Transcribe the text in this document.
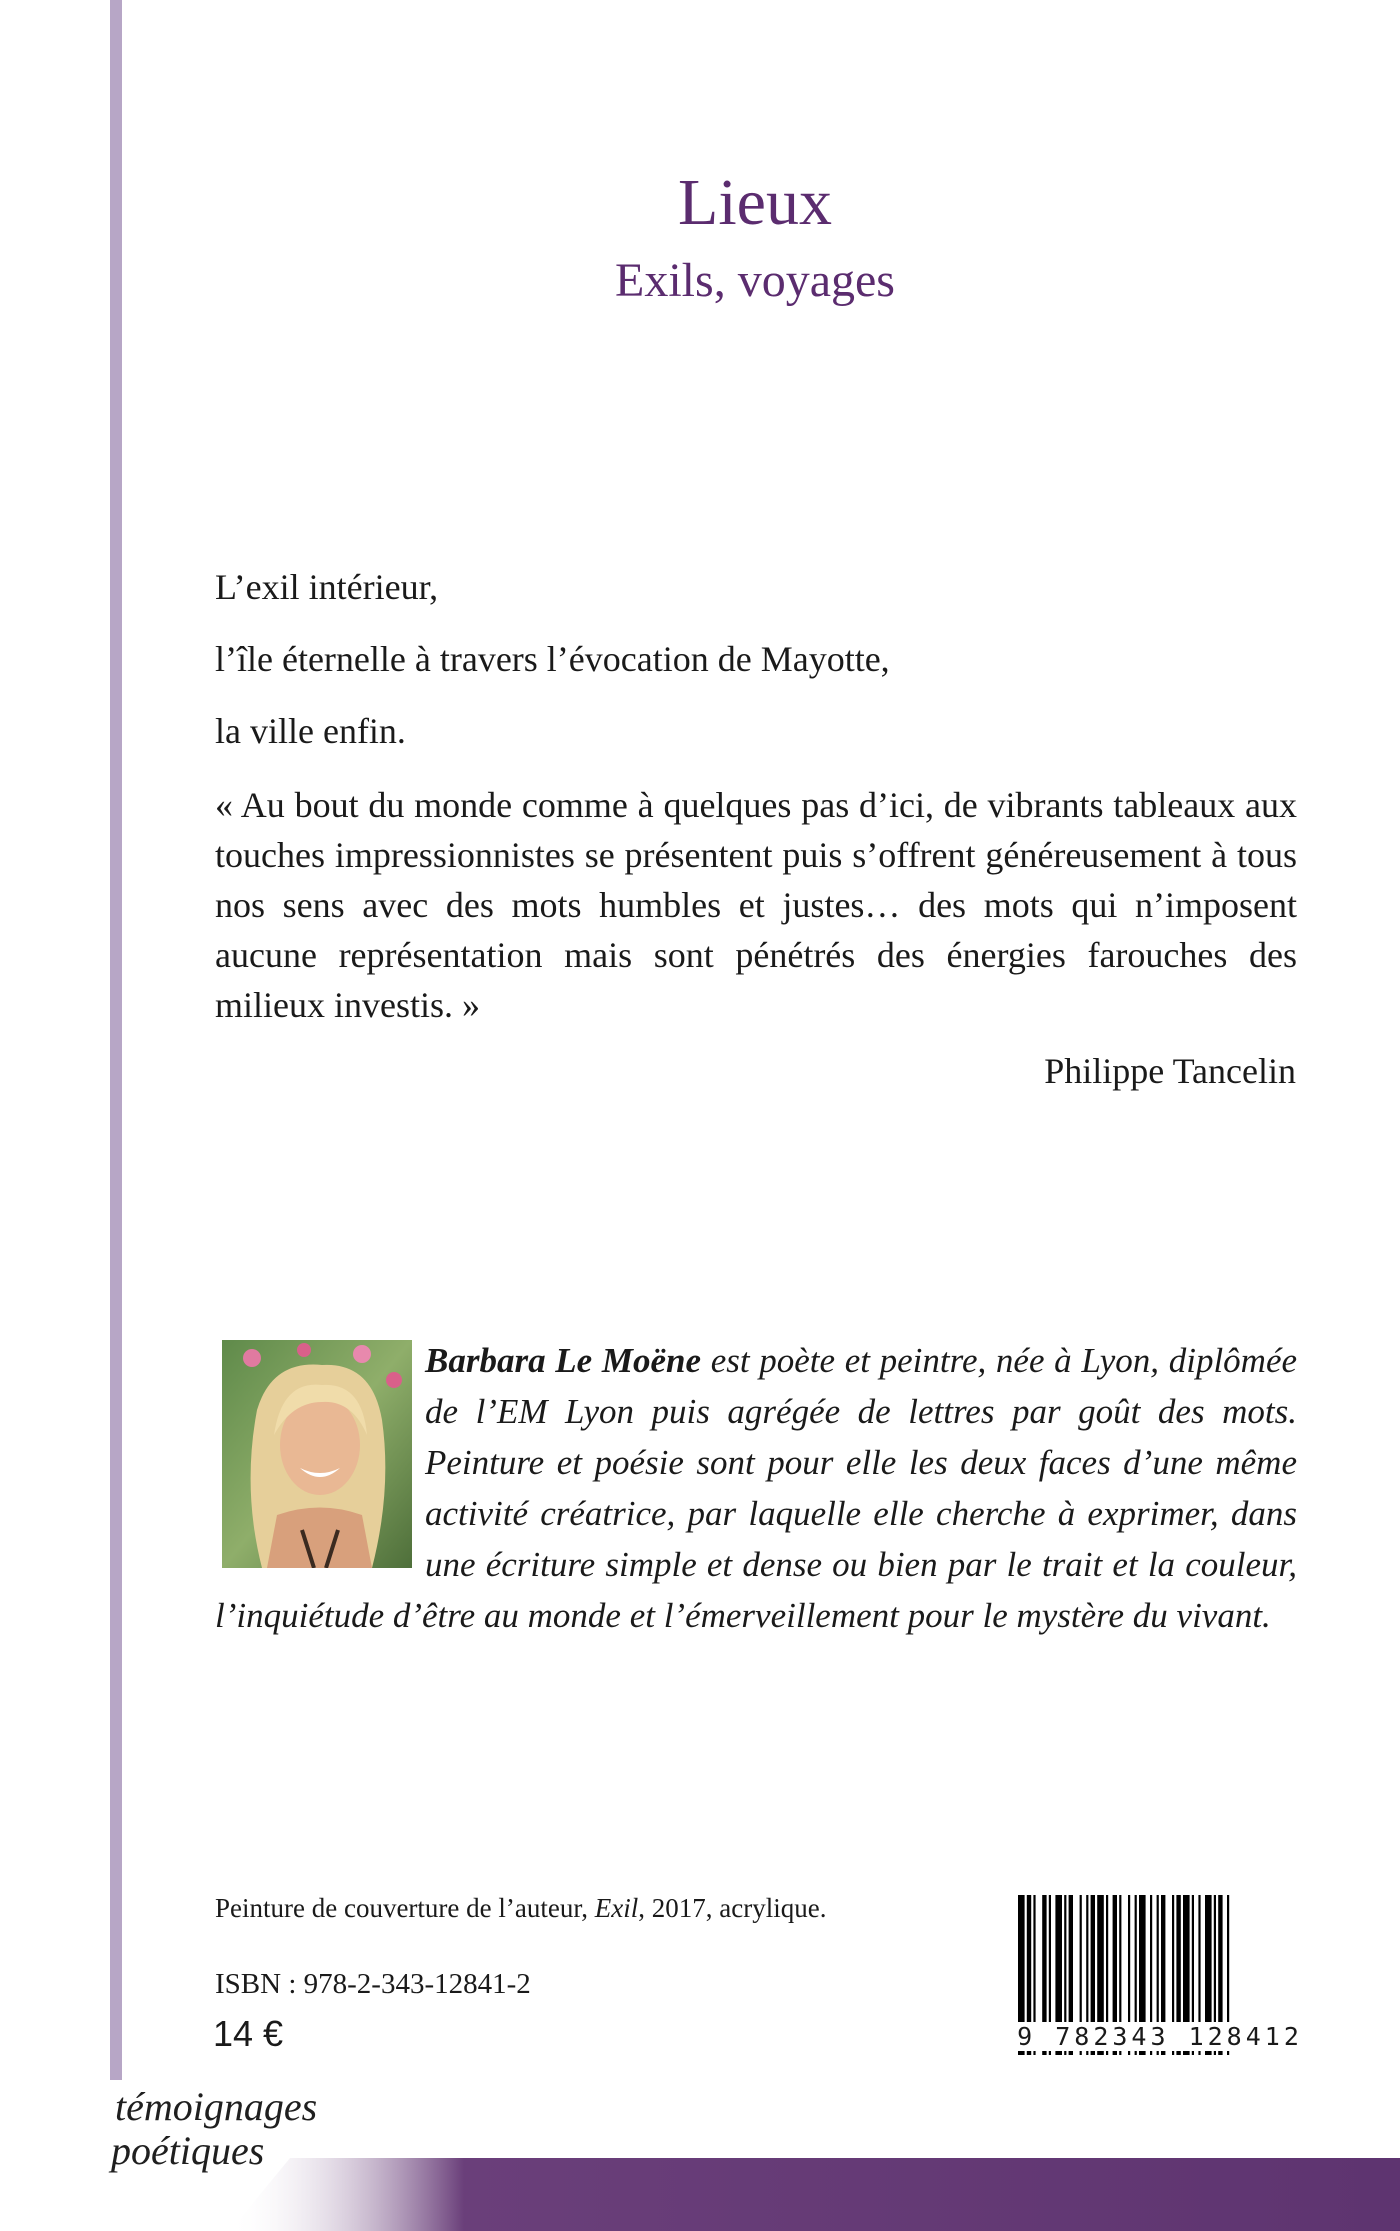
Lieux
Exils, voyages

L’exil intérieur,

l’île éternelle à travers l’évocation de Mayotte,

la ville enfin.

« Au bout du monde comme à quelques pas d’ici, de vibrants tableaux aux touches impressionnistes se présentent puis s’offrent généreusement à tous nos sens avec des mots humbles et justes… des mots qui n’imposent aucune représentation mais sont pénétrés des énergies farouches des milieux investis. »

Philippe Tancelin

Barbara Le Moëne est poète et peintre, née à Lyon, diplômée de l’EM Lyon puis agrégée de lettres par goût des mots. Peinture et poésie sont pour elle les deux faces d’une même activité créatrice, par laquelle elle cherche à exprimer, dans une écriture simple et dense ou bien par le trait et la couleur, l’inquiétude d’être au monde et l’émerveillement pour le mystère du vivant.

Peinture de couverture de l’auteur, Exil, 2017, acrylique.

ISBN : 978-2-343-12841-2

14 €	9 782343 128412

témoignages
poétiques
